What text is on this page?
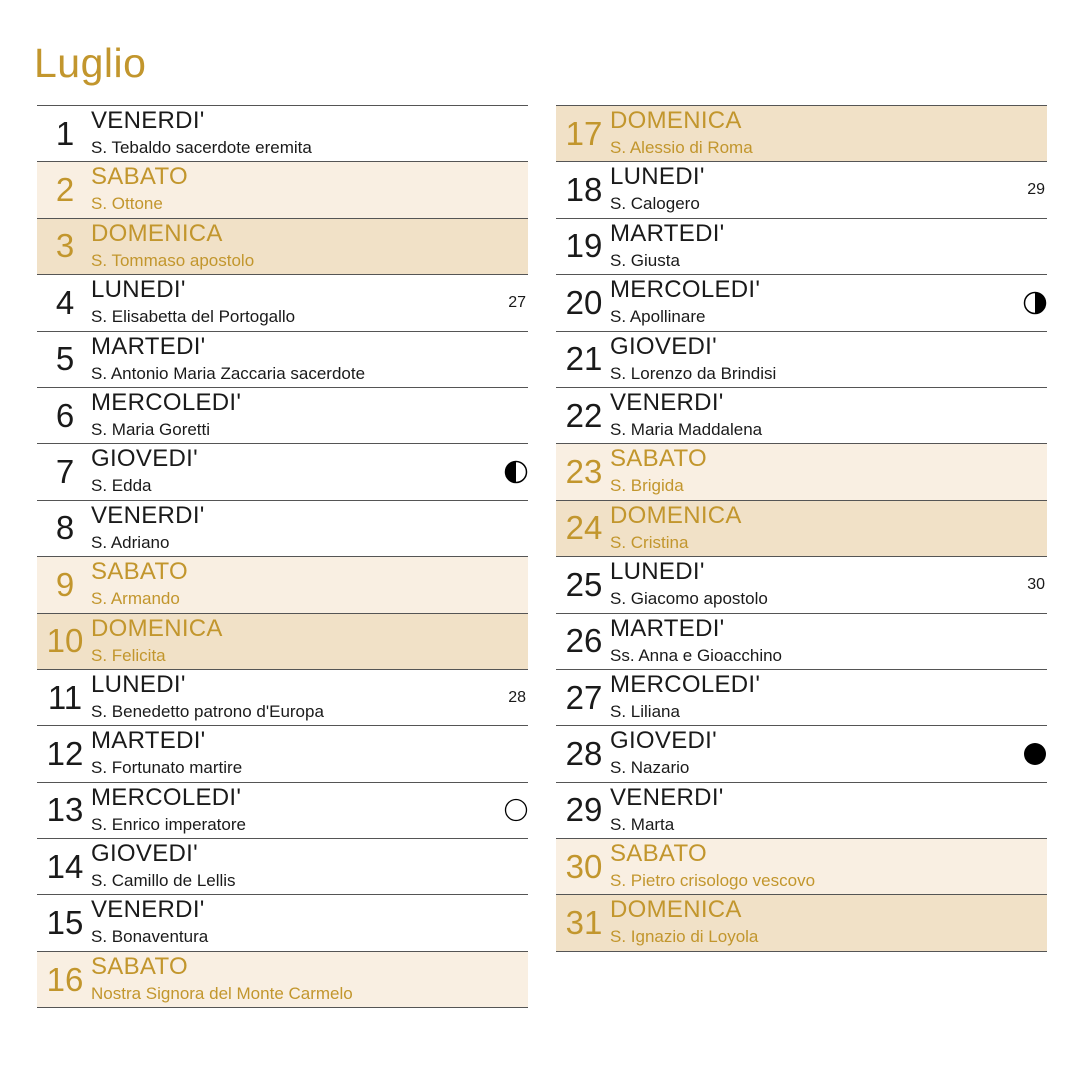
Luglio
1 VENERDI'
S. Tebaldo sacerdote eremita
2 SABATO
S. Ottone
3 DOMENICA
S. Tommaso apostolo
4 LUNEDI'
S. Elisabetta del Portogallo
27
5 MARTEDI'
S. Antonio Maria Zaccaria sacerdote
6 MERCOLEDI'
S. Maria Goretti
7 GIOVEDI'
S. Edda
8 VENERDI'
S. Adriano
9 SABATO
S. Armando
10 DOMENICA
S. Felicita
11 LUNEDI'
S. Benedetto patrono d'Europa
28
12 MARTEDI'
S. Fortunato martire
13 MERCOLEDI'
S. Enrico imperatore
14 GIOVEDI'
S. Camillo de Lellis
15 VENERDI'
S. Bonaventura
16 SABATO
Nostra Signora del Monte Carmelo
17 DOMENICA
S. Alessio di Roma
18 LUNEDI'
S. Calogero
29
19 MARTEDI'
S. Giusta
20 MERCOLEDI'
S. Apollinare
21 GIOVEDI'
S. Lorenzo da Brindisi
22 VENERDI'
S. Maria Maddalena
23 SABATO
S. Brigida
24 DOMENICA
S. Cristina
25 LUNEDI'
S. Giacomo apostolo
30
26 MARTEDI'
Ss. Anna e Gioacchino
27 MERCOLEDI'
S. Liliana
28 GIOVEDI'
S. Nazario
29 VENERDI'
S. Marta
30 SABATO
S. Pietro crisologo vescovo
31 DOMENICA
S. Ignazio di Loyola
